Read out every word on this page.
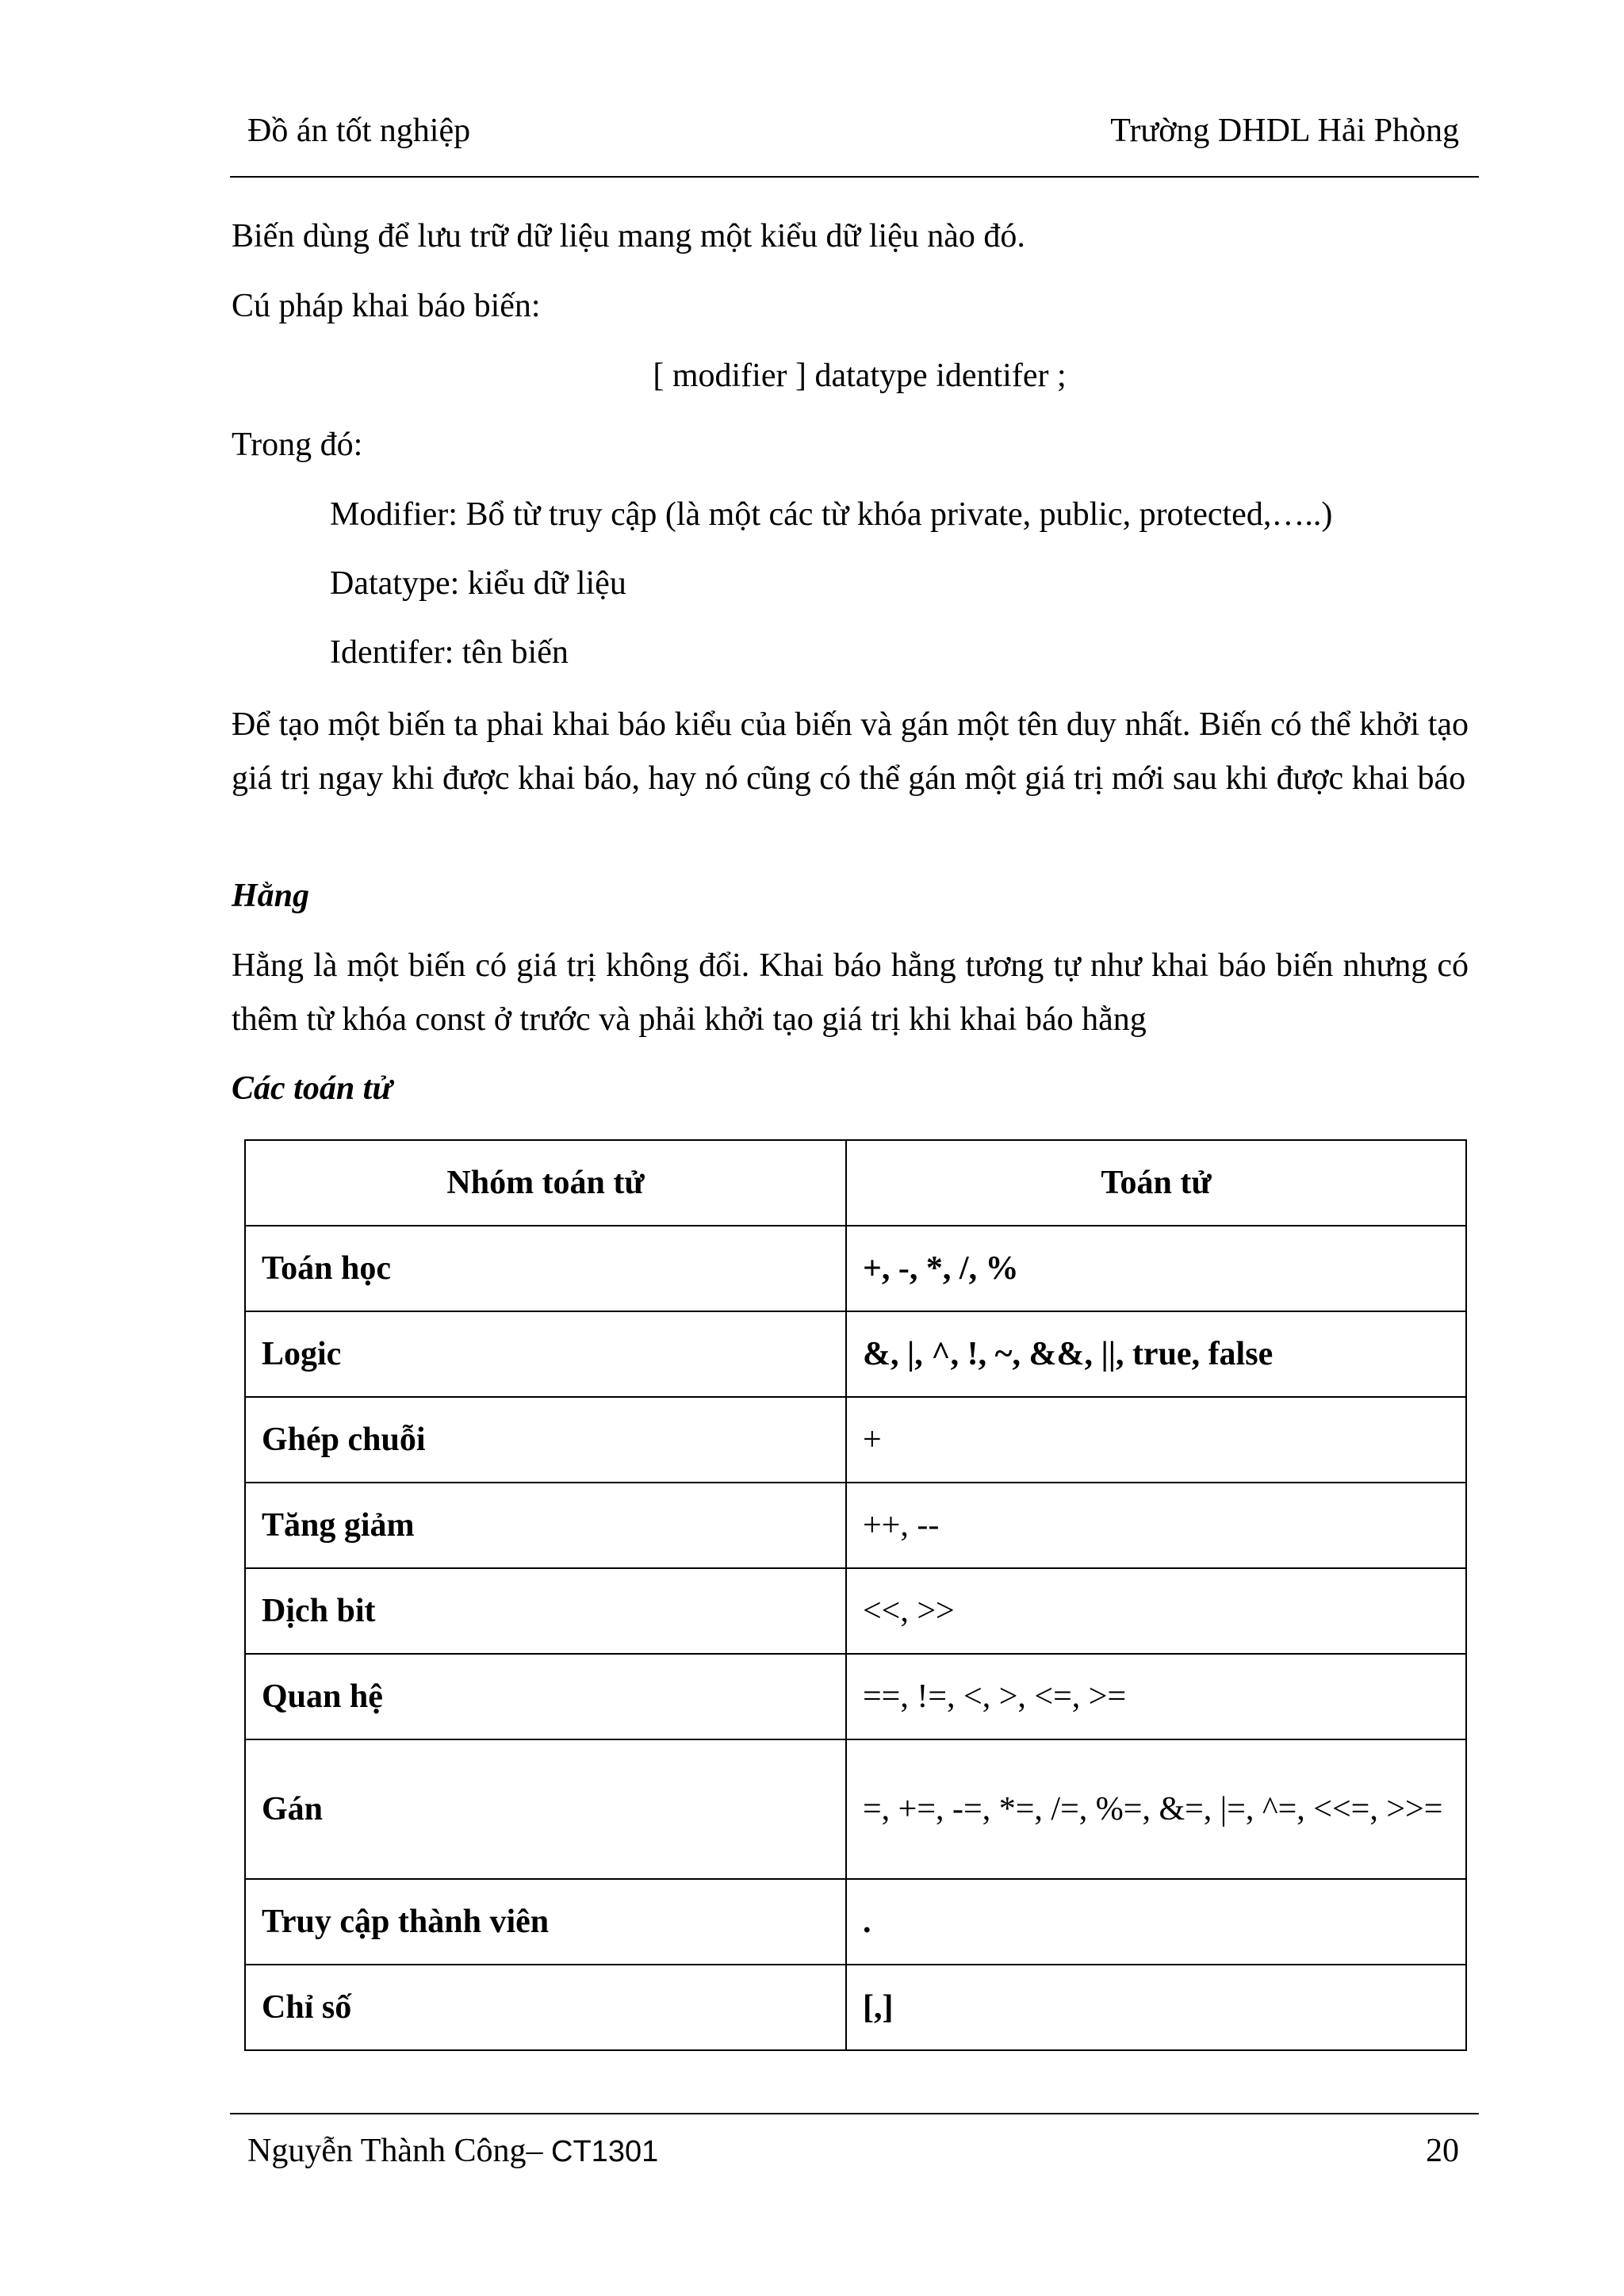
Đồ án tốt nghiệp	Trường DHDL Hải Phòng

Biến dùng để lưu trữ dữ liệu mang một kiểu dữ liệu nào đó.

Cú pháp khai báo biến:

[ modifier ] datatype identifer ;

Trong đó:

Modifier: Bổ từ truy cập (là một các từ khóa private, public, protected,…..)

Datatype: kiểu dữ liệu

Identifer: tên biến

Để tạo một biến ta phai khai báo kiểu của biến và gán một tên duy nhất. Biến có thể khởi tạo giá trị ngay khi được khai báo, hay nó cũng có thể gán một giá trị mới sau khi được khai báo

Hằng

Hằng là một biến có giá trị không đổi. Khai báo hằng tương tự như khai báo biến nhưng có thêm từ khóa const ở trước và phải khởi tạo giá trị khi khai báo hằng

Các toán tử

Nhóm toán tử	Toán tử
Toán học	+, -, *, /, %
Logic	&, |, ^, !, ~, &&, ||, true, false
Ghép chuỗi	+
Tăng giảm	++, --
Dịch bit	<<, >>
Quan hệ	==, !=, <, >, <=, >=
Gán	=, +=, -=, *=, /=, %=, &=, |=, ^=, <<=, >>=
Truy cập thành viên	.
Chỉ số	[,]
Nguyễn Thành Công– CT1301	20
